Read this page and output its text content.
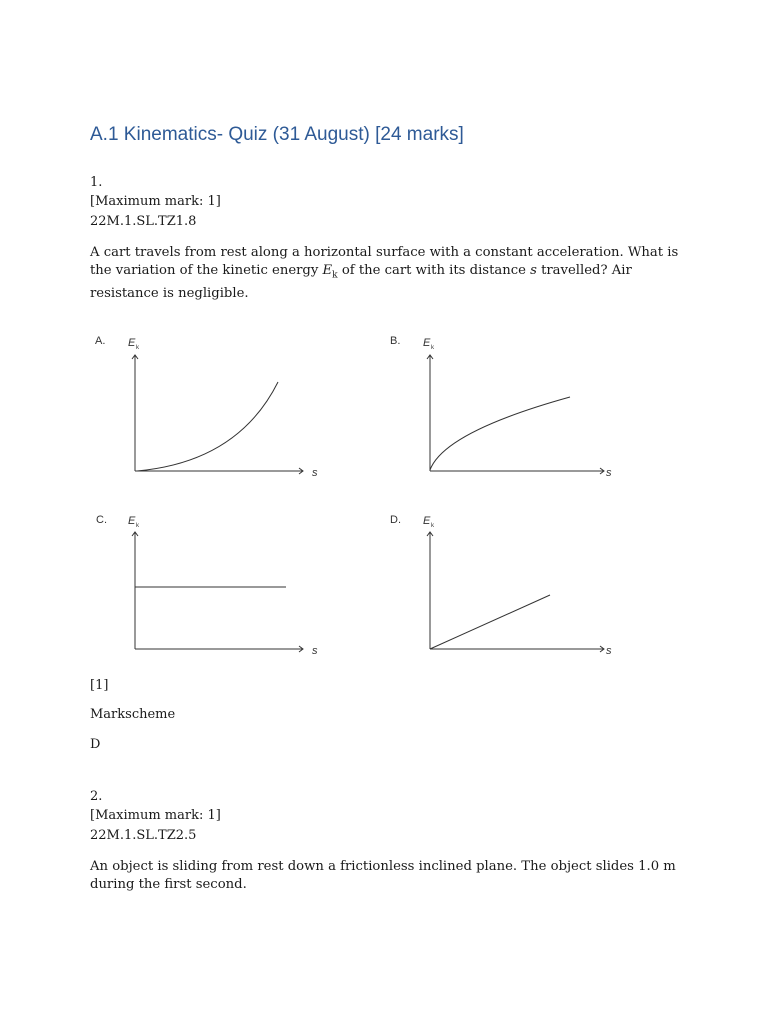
A.1 Kinematics- Quiz (31 August) [24 marks]
1.
[Maximum mark: 1]
22M.1.SL.TZ1.8
A cart travels from rest along a horizontal surface with a constant acceleration. What is the variation of the kinetic energy $E_k$ of the cart with its distance s travelled? Air resistance is negligible.
A. E k
s
B. E k
s
C. E k
s
D. E k
s
[1]
Markscheme
D
2.
[Maximum mark: 1]
22M.1.SL.TZ2.5
An object is sliding from rest down a frictionless inclined plane. The object slides 1.0 m during the first second.
